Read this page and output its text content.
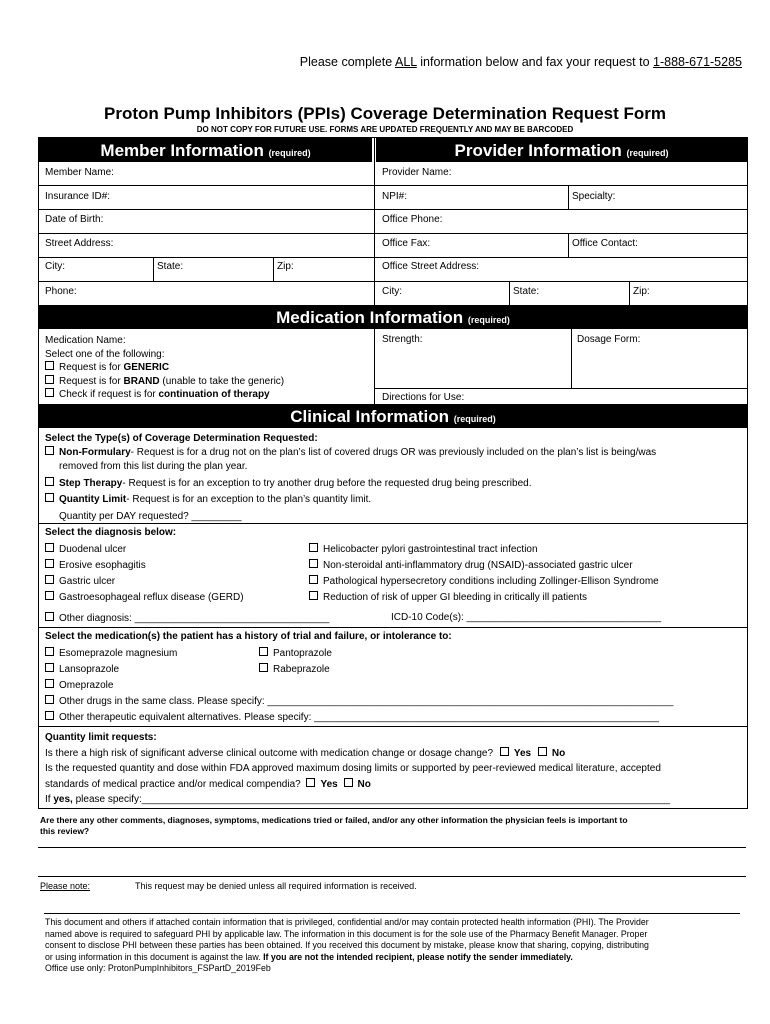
Please complete ALL information below and fax your request to 1-888-671-5285
Proton Pump Inhibitors (PPIs) Coverage Determination Request Form
DO NOT COPY FOR FUTURE USE. FORMS ARE UPDATED FREQUENTLY AND MAY BE BARCODED
Member Information (required)	Provider Information (required)
Member Name:
Insurance ID#:
Date of Birth:
Street Address:
City:	State:	Zip:
Phone:
Provider Name:
NPI#:	Specialty:
Office Phone:
Office Fax:	Office Contact:
Office Street Address:
City:	State:	Zip:
Medication Information (required)
Medication Name:
Select one of the following:
Request is for GENERIC
Request is for BRAND (unable to take the generic)
Check if request is for continuation of therapy
Strength:	Dosage Form:
Directions for Use:
Clinical Information (required)
Select the Type(s) of Coverage Determination Requested:
Non-Formulary- Request is for a drug not on the plan’s list of covered drugs OR was previously included on the plan’s list is being/was
removed from this list during the plan year.
Step Therapy- Request is for an exception to try another drug before the requested drug being prescribed.
Quantity Limit- Request is for an exception to the plan’s quantity limit.
Quantity per DAY requested? _________
Select the diagnosis below:
Duodenal ulcer
Erosive esophagitis
Gastric ulcer
Gastroesophageal reflux disease (GERD)
Helicobacter pylori gastrointestinal tract infection
Non-steroidal anti-inflammatory drug (NSAID)-associated gastric ulcer
Pathological hypersecretory conditions including Zollinger-Ellison Syndrome
Reduction of risk of upper GI bleeding in critically ill patients
Other diagnosis: ___________________________________	ICD-10 Code(s): ___________________________________
Select the medication(s) the patient has a history of trial and failure, or intolerance to:
Esomeprazole magnesium
Lansoprazole
Omeprazole
Other drugs in the same class. Please specify: _________________________________________________________________________
Other therapeutic equivalent alternatives. Please specify: ______________________________________________________________
Pantoprazole
Rabeprazole
Quantity limit requests:
Is there a high risk of significant adverse clinical outcome with medication change or dosage change? Yes No
Is the requested quantity and dose within FDA approved maximum dosing limits or supported by peer-reviewed medical literature, accepted
standards of medical practice and/or medical compendia? Yes No
If yes, please specify:_______________________________________________________________________________________________
Are there any other comments, diagnoses, symptoms, medications tried or failed, and/or any other information the physician feels is important to
this review?
Please note:	This request may be denied unless all required information is received.
This document and others if attached contain information that is privileged, confidential and/or may contain protected health information (PHI). The Provider
named above is required to safeguard PHI by applicable law. The information in this document is for the sole use of the Pharmacy Benefit Manager. Proper
consent to disclose PHI between these parties has been obtained. If you received this document by mistake, please know that sharing, copying, distributing
or using information in this document is against the law. If you are not the intended recipient, please notify the sender immediately.
Office use only: ProtonPumpInhibitors_FSPartD_2019Feb
